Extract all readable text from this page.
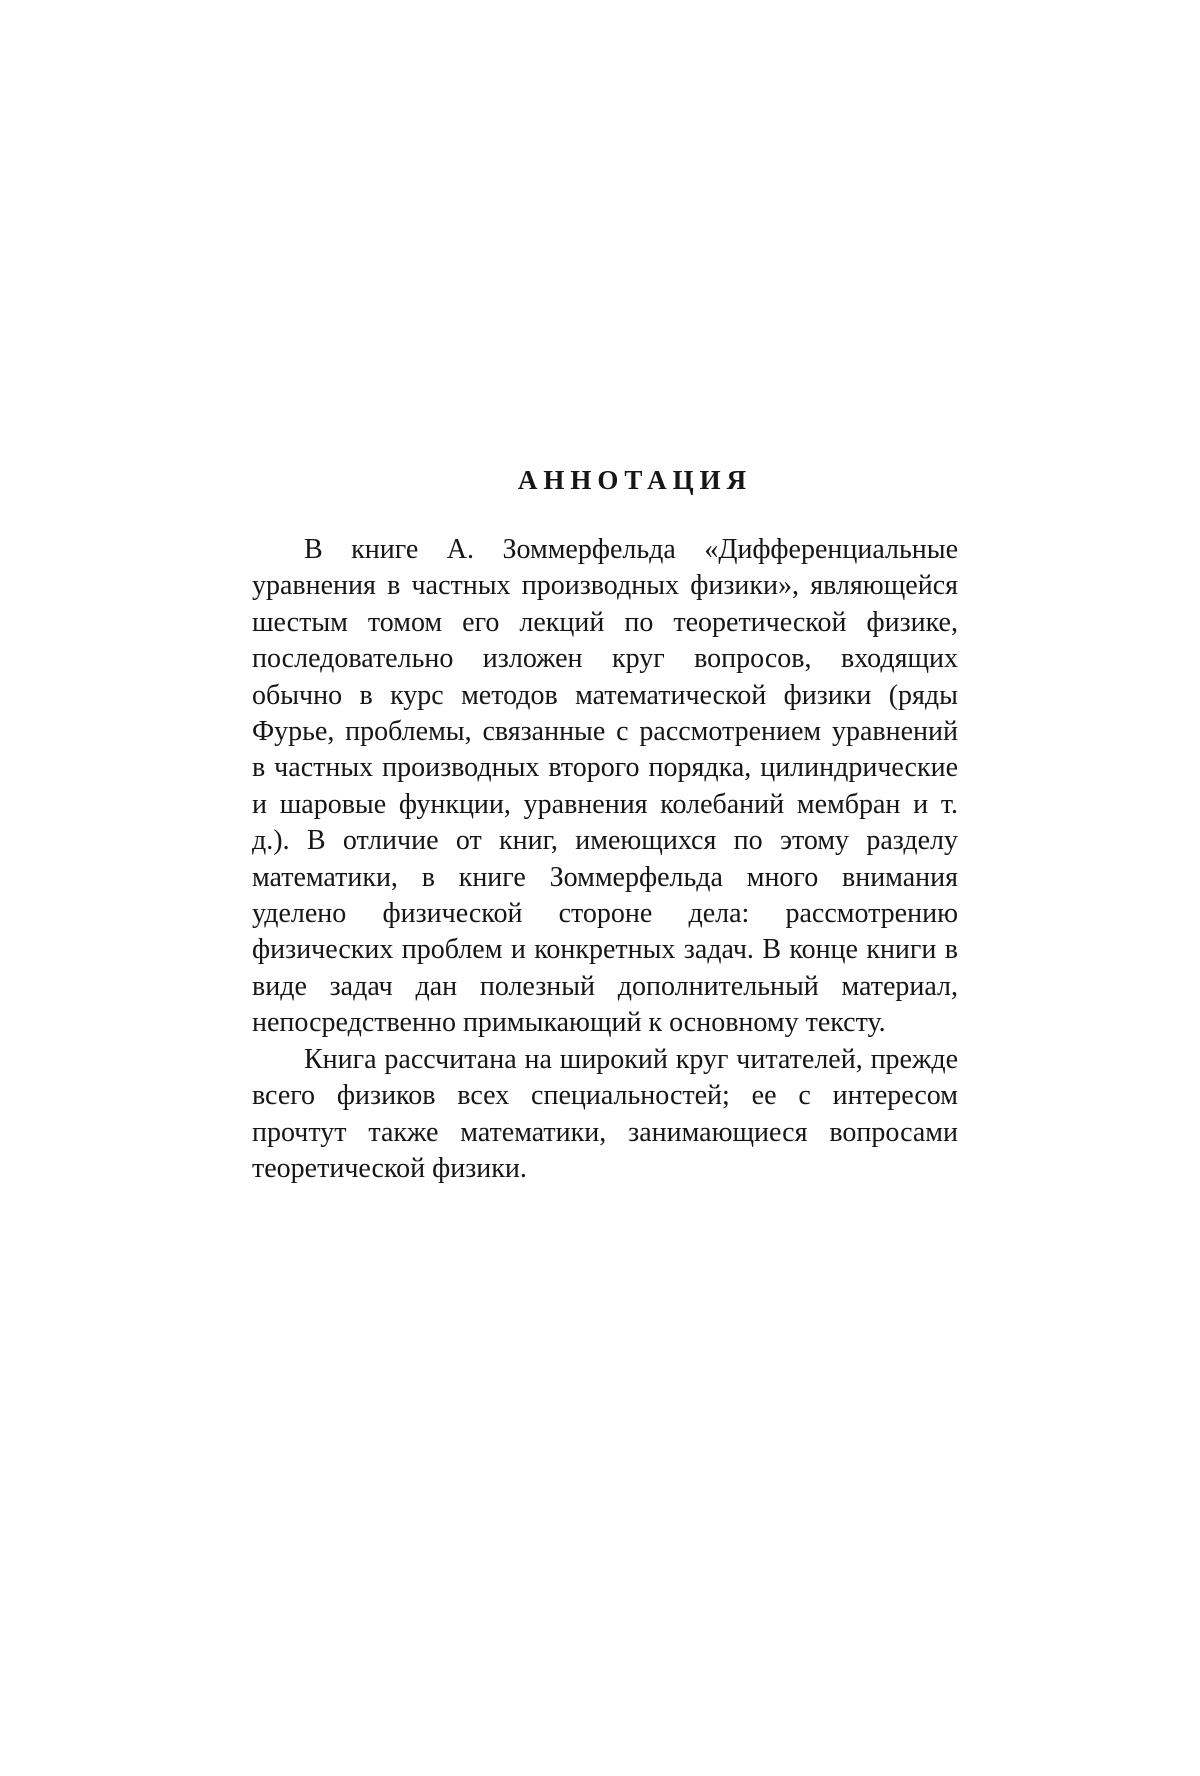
АННОТАЦИЯ

В книге А. Зоммерфельда «Дифференциальные уравнения в частных производных физики», являющейся шестым томом его лекций по теоретической физике, последовательно изложен круг вопросов, входящих обычно в курс методов математической физики (ряды Фурье, проблемы, связанные с рассмотрением уравнений в частных производных второго порядка, цилиндрические и шаровые функции, уравнения колебаний мембран и т. д.). В отличие от книг, имеющихся по этому разделу математики, в книге Зоммерфельда много внимания уделено физической стороне дела: рассмотрению физических проблем и конкретных задач. В конце книги в виде задач дан полезный дополнительный материал, непосредственно примыкающий к основному тексту.

Книга рассчитана на широкий круг читателей, прежде всего физиков всех специальностей; ее с интересом прочтут также математики, занимающиеся вопросами теоретической физики.
